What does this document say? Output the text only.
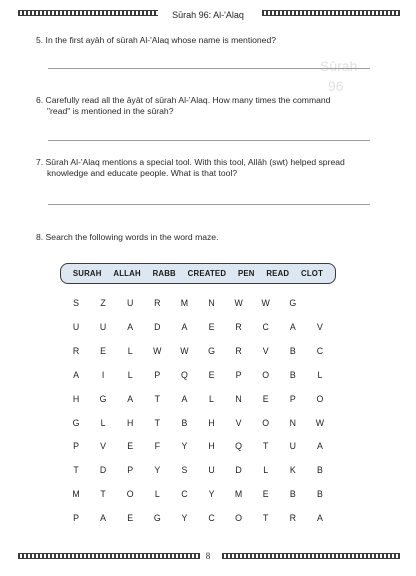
Sūrah 96: Al-'Alaq
Sūrah
96
5. In the first ayāh of sūrah Al-'Alaq whose name is mentioned?
6. Carefully read all the āyāt of sūrah Al-'Alaq. How many times the command
"read" is mentioned in the sūrah?
7. Sūrah Al-'Alaq mentions a special tool. With this tool, Allāh (swt) helped spread
knowledge and educate people. What is that tool?
8. Search the following words in the word maze.
SURAH ALLAH RABB CREATED PEN READ CLOT
S	Z	U	R	M	N	W	W	G
U	U	A	D	A	E	R	C	A	V
R	E	L	W	W	G	R	V	B	C
A	I	L	P	Q	E	P	O	B	L
H	G	A	T	A	L	N	E	P	O
G	L	H	T	B	H	V	O	N	W
P	V	E	F	Y	H	Q	T	U	A
T	D	P	Y	S	U	D	L	K	B
M	T	O	L	C	Y	M	E	B	B
P	A	E	G	Y	C	O	T	R	A
8
